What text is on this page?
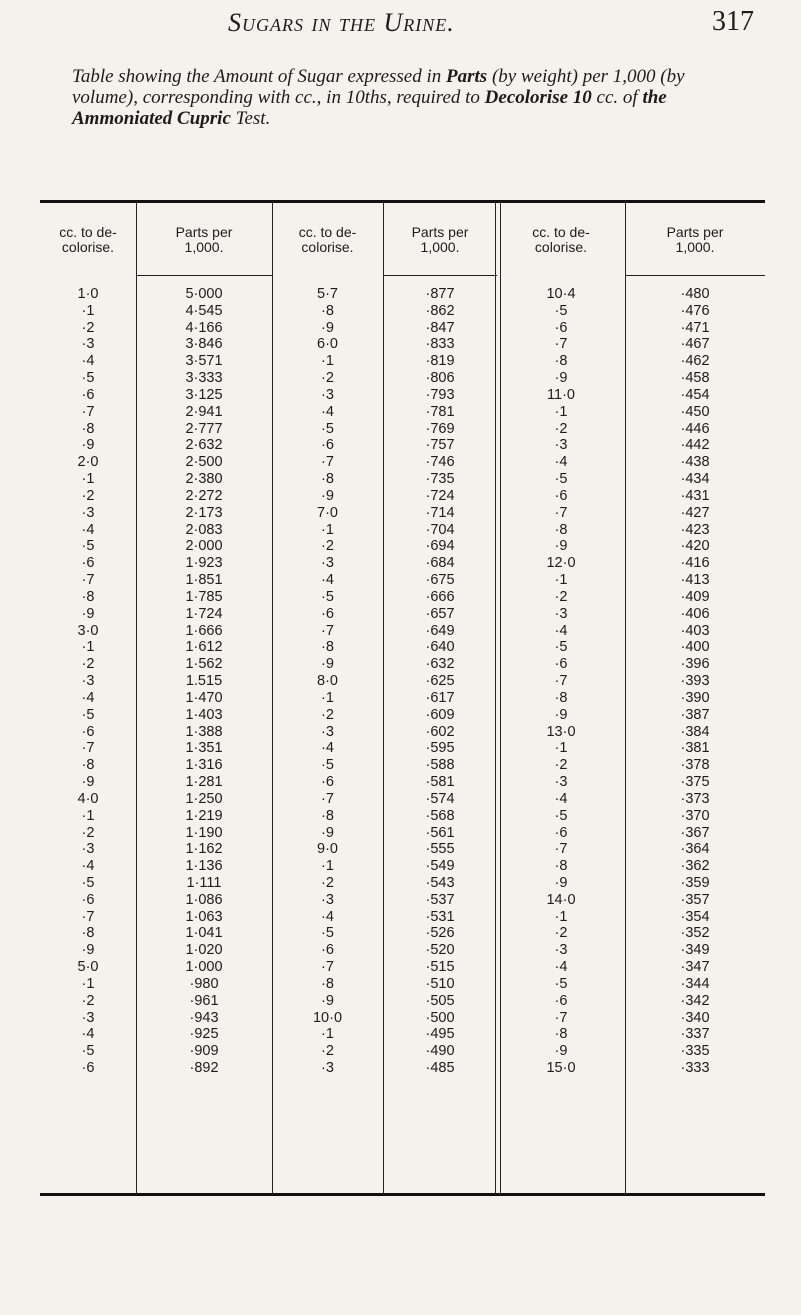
Sugars in the Urine.	317
Table showing the Amount of Sugar expressed in Parts (by weight) per 1,000 (by volume), corresponding with cc., in 10ths, required to Decolorise 10 cc. of the Ammoniated Cupric Test.
cc. to de-
colorise.
Parts per
1,000.
cc. to de-
colorise.
Parts per
1,000.
cc. to de-
colorise.
Parts per
1,000.
1·0
·1
·2
·3
·4
·5
·6
·7
·8
·9
2·0
·1
·2
·3
·4
·5
·6
·7
·8
·9
3·0
·1
·2
·3
·4
·5
·6
·7
·8
·9
4·0
·1
·2
·3
·4
·5
·6
·7
·8
·9
5·0
·1
·2
·3
·4
·5
·6
5·000
4·545
4·166
3·846
3·571
3·333
3·125
2·941
2·777
2·632
2·500
2·380
2·272
2·173
2·083
2·000
1·923
1·851
1·785
1·724
1·666
1·612
1·562
1.515
1·470
1·403
1·388
1·351
1·316
1·281
1·250
1·219
1·190
1·162
1·136
1·111
1·086
1·063
1·041
1·020
1·000
·980
·961
·943
·925
·909
·892
5·7
·8
·9
6·0
·1
·2
·3
·4
·5
·6
·7
·8
·9
7·0
·1
·2
·3
·4
·5
·6
·7
·8
·9
8·0
·1
·2
·3
·4
·5
·6
·7
·8
·9
9·0
·1
·2
·3
·4
·5
·6
·7
·8
·9
10·0
·1
·2
·3
·877
·862
·847
·833
·819
·806
·793
·781
·769
·757
·746
·735
·724
·714
·704
·694
·684
·675
·666
·657
·649
·640
·632
·625
·617
·609
·602
·595
·588
·581
·574
·568
·561
·555
·549
·543
·537
·531
·526
·520
·515
·510
·505
·500
·495
·490
·485
10·4
·5
·6
·7
·8
·9
11·0
·1
·2
·3
·4
·5
·6
·7
·8
·9
12·0
·1
·2
·3
·4
·5
·6
·7
·8
·9
13·0
·1
·2
·3
·4
·5
·6
·7
·8
·9
14·0
·1
·2
·3
·4
·5
·6
·7
·8
·9
15·0
·480
·476
·471
·467
·462
·458
·454
·450
·446
·442
·438
·434
·431
·427
·423
·420
·416
·413
·409
·406
·403
·400
·396
·393
·390
·387
·384
·381
·378
·375
·373
·370
·367
·364
·362
·359
·357
·354
·352
·349
·347
·344
·342
·340
·337
·335
·333
